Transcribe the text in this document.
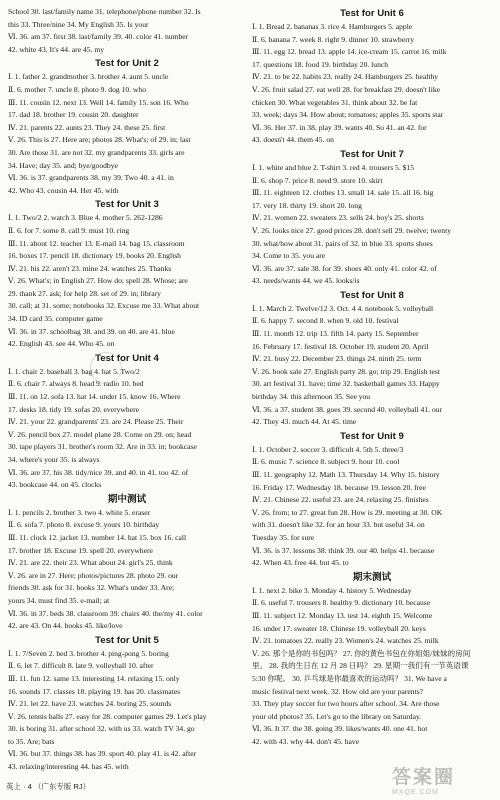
School 30. last/family name 31. telephone/phone number 32. Is
this 33. Three/nine 34. My English 35. Is your
Ⅵ. 36. am 37. first 38. last/family 39. 40. color 41. number
42. white 43. It's 44. are 45. my
Test for Unit 2
Ⅰ. 1. father 2. grandmother 3. brother 4. aunt 5. uncle
Ⅱ. 6. mother 7. uncle 8. photo 9. dog 10. who
Ⅲ. 11. cousin 12. next 13. Well 14. family 15. son 16. Who
17. dad 18. brother 19. cousin 20. daughter
Ⅳ. 21. parents 22. aunts 23. They 24. these 25. first
Ⅴ. 26. This is 27. Here are; photos 28. What's; of 29. in; last
30. Are those 31. are not 32. my grandparents 33. girls are
34. Have; day 35. and; bye/goodbye
Ⅵ. 36. is 37. grandparents 38. my 39. Two 40. a 41. in
42. Who 43. cousin 44. Her 45. with
Test for Unit 3
Ⅰ. 1. Two/2 2. watch 3. Blue 4. mother 5. 262-1286
Ⅱ. 6. for 7. some 8. call 9. must 10. ring
Ⅲ. 11. about 12. teacher 13. E-mail 14. bag 15. classroom
16. boxes 17. pencil 18. dictionary 19. books 20. English
Ⅳ. 21. his 22. aren't 23. mine 24. watches 25. Thanks
Ⅴ. 26. What's; in English 27. How do; spell 28. Whose; are
29. thank 27. ask; for help 28. set of 29. in; library
30. call; at 31. some; notebooks 32. Excuse me 33. What about
34. ID card 35. computer game
Ⅵ. 36. in 37. schoolbag 38. and 39. on 40. are 41. blue
42. English 43. see 44. Who 45. on
Test for Unit 4
Ⅰ. 1. chair 2. baseball 3. bag 4. hat 5. Two/2
Ⅱ. 6. chair 7. always 8. head 9. radio 10. bed
Ⅲ. 11. on 12. sofa 13. hat 14. under 15. know 16. Where
17. desks 18. tidy 19. sofas 20. everywhere
Ⅳ. 21. your 22. grandparents' 23. are 24. Please 25. Their
Ⅴ. 26. pencil box 27. model plane 28. Come on 29. on; head
30. tape players 31. brother's room 32. Are in 33. in; bookcase
34. where's your 35. is always
Ⅵ. 36. are 37. his 38. tidy/nice 39. and 40. in 41. too 42. of
43. bookcase 44. on 45. clocks
期中测试
Ⅰ. 1. pencils 2. brother 3. two 4. white 5. eraser
Ⅱ. 6. sofa 7. photo 8. excuse 9. yours 10. birthday
Ⅲ. 11. clock 12. jacket 13. number 14. hat 15. box 16. call
17. brother 18. Excuse 19. spell 20. everywhere
Ⅳ. 21. are 22. their 23. What about 24. girl's 25. think
Ⅴ. 26. are in 27. Here; photos/pictures 28. photo 29. our
friends 30. ask for 31. books 32. What's under 33. Are;
yours 34. must find 35. e-mail; at
Ⅵ. 36. in 37. beds 38. classroom 39. chairs 40. the/my 41. color
42. are 43. On 44. books 45. like/love
Test for Unit 5
Ⅰ. 1. 7/Seven 2. bed 3. brother 4. ping-pong 5. boring
Ⅱ. 6. let 7. difficult 8. late 9. volleyball 10. after
Ⅲ. 11. fun 12. same 13. interesting 14. relaxing 15. only
16. sounds 17. classes 18. playing 19. has 20. classmates
Ⅳ. 21. let 22. have 23. watches 24. boring 25. sounds
Ⅴ. 26. tennis balls 27. easy for 28. computer games 29. Let's play
30. is boring 31. after school 32. with us 33. watch TV 34. go
to 35. Are; bats
Ⅵ. 36. but 37. things 38. has 39. sport 40. play 41. is 42. after
43. relaxing/interesting 44. has 45. with
Test for Unit 6
Ⅰ. 1. Bread 2. bananas 3. rice 4. Hamburgers 5. apple
Ⅱ. 6. banana 7. week 8. right 9. dinner 10. strawberry
Ⅲ. 11. egg 12. bread 13. apple 14. ice-cream 15. carrot 16. milk
17. questions 18. food 19. birthday 20. lunch
Ⅳ. 21. to be 22. habits 23. really 24. Hamburgers 25. healthy
Ⅴ. 26. fruit salad 27. eat well 28. for breakfast 29. doesn't like
chicken 30. What vegetables 31. think about 32. be fat
33. week; days 34. How about; tomatoes; apples 35. sports star
Ⅵ. 36. Her 37. in 38. play 39. wants 40. So 41. an 42. for
43. doesn't 44. them 45. on
Test for Unit 7
Ⅰ. 1. white and blue 2. T-shirt 3. red 4. trousers 5. $15
Ⅱ. 6. shop 7. price 8. need 9. store 10. skirt
Ⅲ. 11. eighteen 12. clothes 13. small 14. sale 15. all 16. big
17. very 18. thirty 19. short 20. long
Ⅳ. 21. women 22. sweaters 23. sells 24. boy's 25. shorts
Ⅴ. 26. looks nice 27. good prices 28. don't sell 29. twelve; twenty
30. what/how about 31. pairs of 32. in blue 33. sports shoes
34. Come to 35. you are
Ⅵ. 36. are 37. sale 38. for 39. shoes 40. only 41. color 42. of
43. needs/wants 44. we 45. looks/is
Test for Unit 8
Ⅰ. 1. March 2. Twelve/12 3. Oct. 4 4. notebook 5. volleyball
Ⅱ. 6. happy 7. second 8. when 9. old 10. festival
Ⅲ. 11. month 12. trip 13. fifth 14. party 15. September
16. February 17. festival 18. October 19. student 20. April
Ⅳ. 21. busy 22. December 23. things 24. ninth 25. term
Ⅴ. 26. book sale 27. English party 28. go; trip 29. English test
30. art festival 31. have; time 32. basketball games 33. Happy
birthday 34. this afternoon 35. See you
Ⅵ. 36. a 37. student 38. goes 39. second 40. volleyball 41. our
42. They 43. much 44. At 45. time
Test for Unit 9
Ⅰ. 1. October 2. soccer 3. difficult 4. 5th 5. three/3
Ⅱ. 6. music 7. science 8. subject 9. hour 10. cool
Ⅲ. 11. geography 12. Math 13. Thursday 14. Why 15. history
16. Friday 17. Wednesday 18. because 19. lesson 20. free
Ⅳ. 21. Chinese 22. useful 23. are 24. relaxing 25. finishes
Ⅴ. 26. from; to 27. great fun 28. How is 29. meeting at 30. OK
with 31. doesn't like 32. for an hour 33. but useful 34. on
Tuesday 35. for sure
Ⅵ. 36. is 37. lessons 38. think 39. our 40. helps 41. because
42. When 43. free 44. but 45. to
期末测试
Ⅰ. 1. next 2. bike 3. Monday 4. history 5. Wednesday
Ⅱ. 6. useful 7. trousers 8. healthy 9. dictionary 10. because
Ⅲ. 11. subject 12. Monday 13. test 14. eighth 15. Welcome
16. under 17. sweater 18. Chinese 19. volleyball 20. keys
Ⅳ. 21. tomatoes 22. really 23. Women's 24. watches 25. milk
Ⅴ. 26. 那个是你的书包吗？ 27. 你的黄色书包在你姐姐/妹妹的房间
里。 28. 我的生日在 12 月 28 日吗？ 29. 星期一我们有一节英语课
5:30 你呢。 30. 乒乓球是你最喜欢的运动吗？ 31. We have a
music festival next week. 32. How old are your parents?
33. They play soccer for two hours after school. 34. Are those
your old photos? 35. Let's go to the library on Saturday.
Ⅵ. 36. It 37. the 38. going 39. likes/wants 40. one 41. hot
42. with 43. why 44. don't 45. have
英上 · 4 （广东专版 RJ）	答案圈
MXQE.COM
